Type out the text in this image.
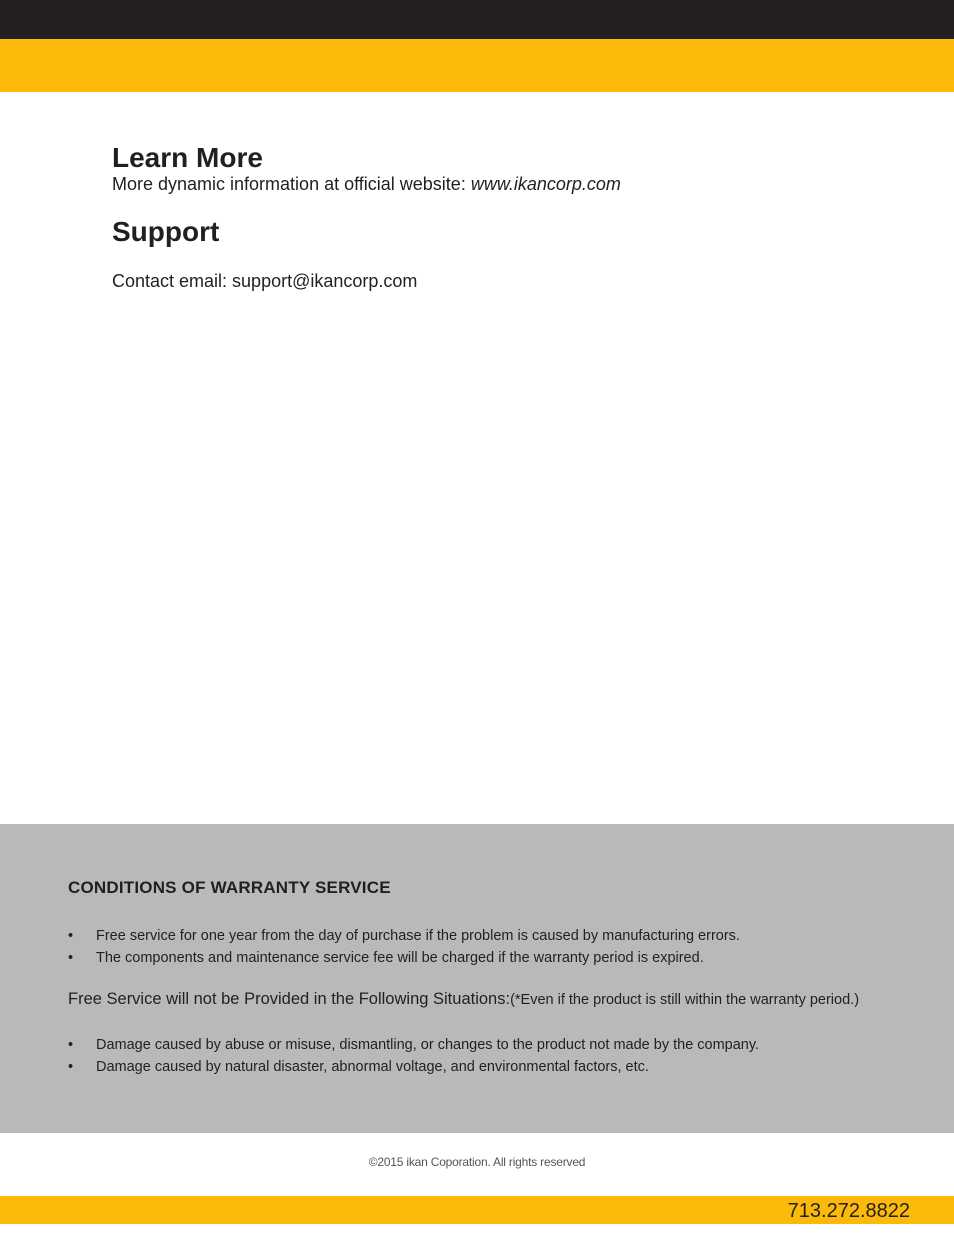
Learn More

More dynamic information at official website: www.ikancorp.com

Support

Contact email: support@ikancorp.com

CONDITIONS OF WARRANTY SERVICE
• Free service for one year from the day of purchase if the problem is caused by manufacturing errors.
• The components and maintenance service fee will be charged if the warranty period is expired.

Free Service will not be Provided in the Following Situations:(*Even if the product is still within the warranty period.)

• Damage caused by abuse or misuse, dismantling, or changes to the product not made by the company.
• Damage caused by natural disaster, abnormal voltage, and environmental factors, etc.

©2015 ikan Coporation. All rights reserved

713.272.8822
